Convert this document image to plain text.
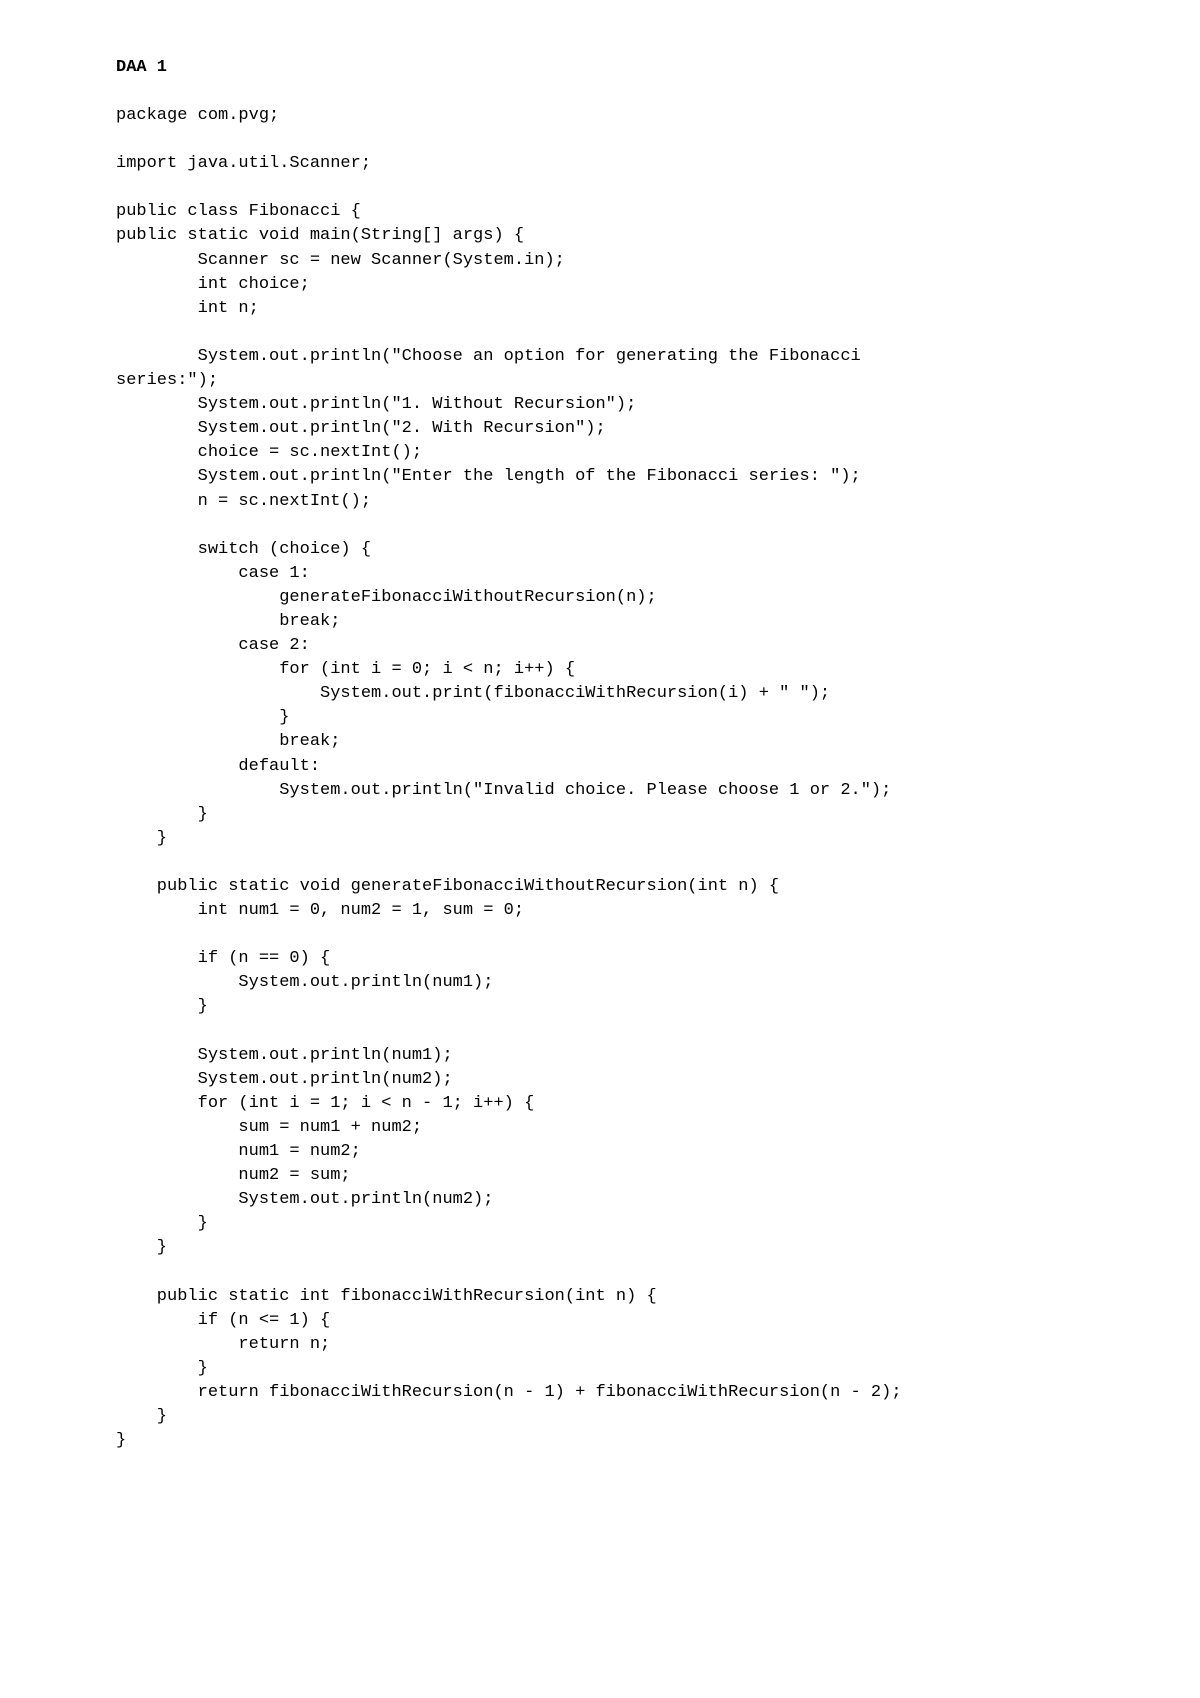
DAA 1
package com.pvg;
import java.util.Scanner;
public class Fibonacci {
public static void main(String[] args) {
Scanner sc = new Scanner(System.in);
int choice;
int n;
System.out.println("Choose an option for generating the Fibonacci
series:");
System.out.println("1. Without Recursion");
System.out.println("2. With Recursion");
choice = sc.nextInt();
System.out.println("Enter the length of the Fibonacci series: ");
n = sc.nextInt();
switch (choice) {
case 1:
generateFibonacciWithoutRecursion(n);
break;
case 2:
for (int i = 0; i < n; i++) {
System.out.print(fibonacciWithRecursion(i) + " ");
}
break;
default:
System.out.println("Invalid choice. Please choose 1 or 2.");
}
}
public static void generateFibonacciWithoutRecursion(int n) {
int num1 = 0, num2 = 1, sum = 0;
if (n == 0) {
System.out.println(num1);
}
System.out.println(num1);
System.out.println(num2);
for (int i = 1; i < n - 1; i++) {
sum = num1 + num2;
num1 = num2;
num2 = sum;
System.out.println(num2);
}
}
public static int fibonacciWithRecursion(int n) {
if (n <= 1) {
return n;
}
return fibonacciWithRecursion(n - 1) + fibonacciWithRecursion(n - 2);
}
}
